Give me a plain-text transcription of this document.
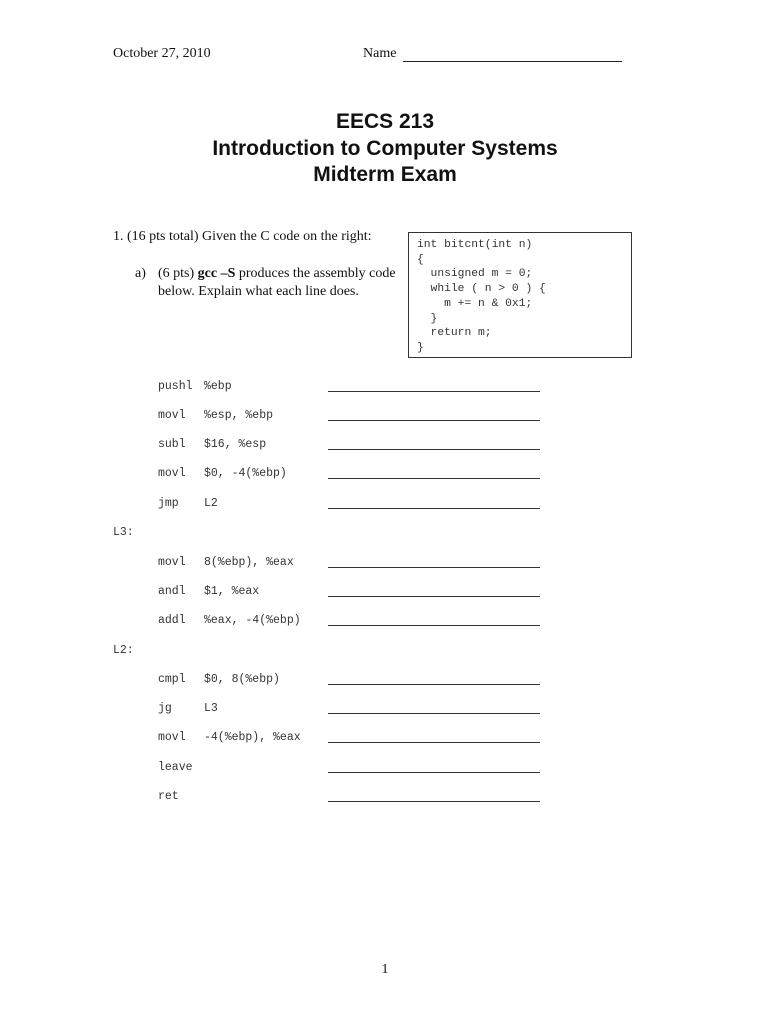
October 27, 2010	Name
EECS 213
Introduction to Computer Systems
Midterm Exam
1. (16 pts total) Given the C code on the right:
a) (6 pts) gcc –S produces the assembly code below. Explain what each line does.
int bitcnt(int n)
{
unsigned m = 0;
while ( n > 0 ) {
m += n & 0x1;
}
return m;
}
pushl %ebp
movl %esp, %ebp
subl $16, %esp
movl $0, -4(%ebp)
jmp L2
L3:
movl 8(%ebp), %eax
andl $1, %eax
addl %eax, -4(%ebp)
L2:
cmpl $0, 8(%ebp)
jg	L3
movl -4(%ebp), %eax
leave
ret
1
